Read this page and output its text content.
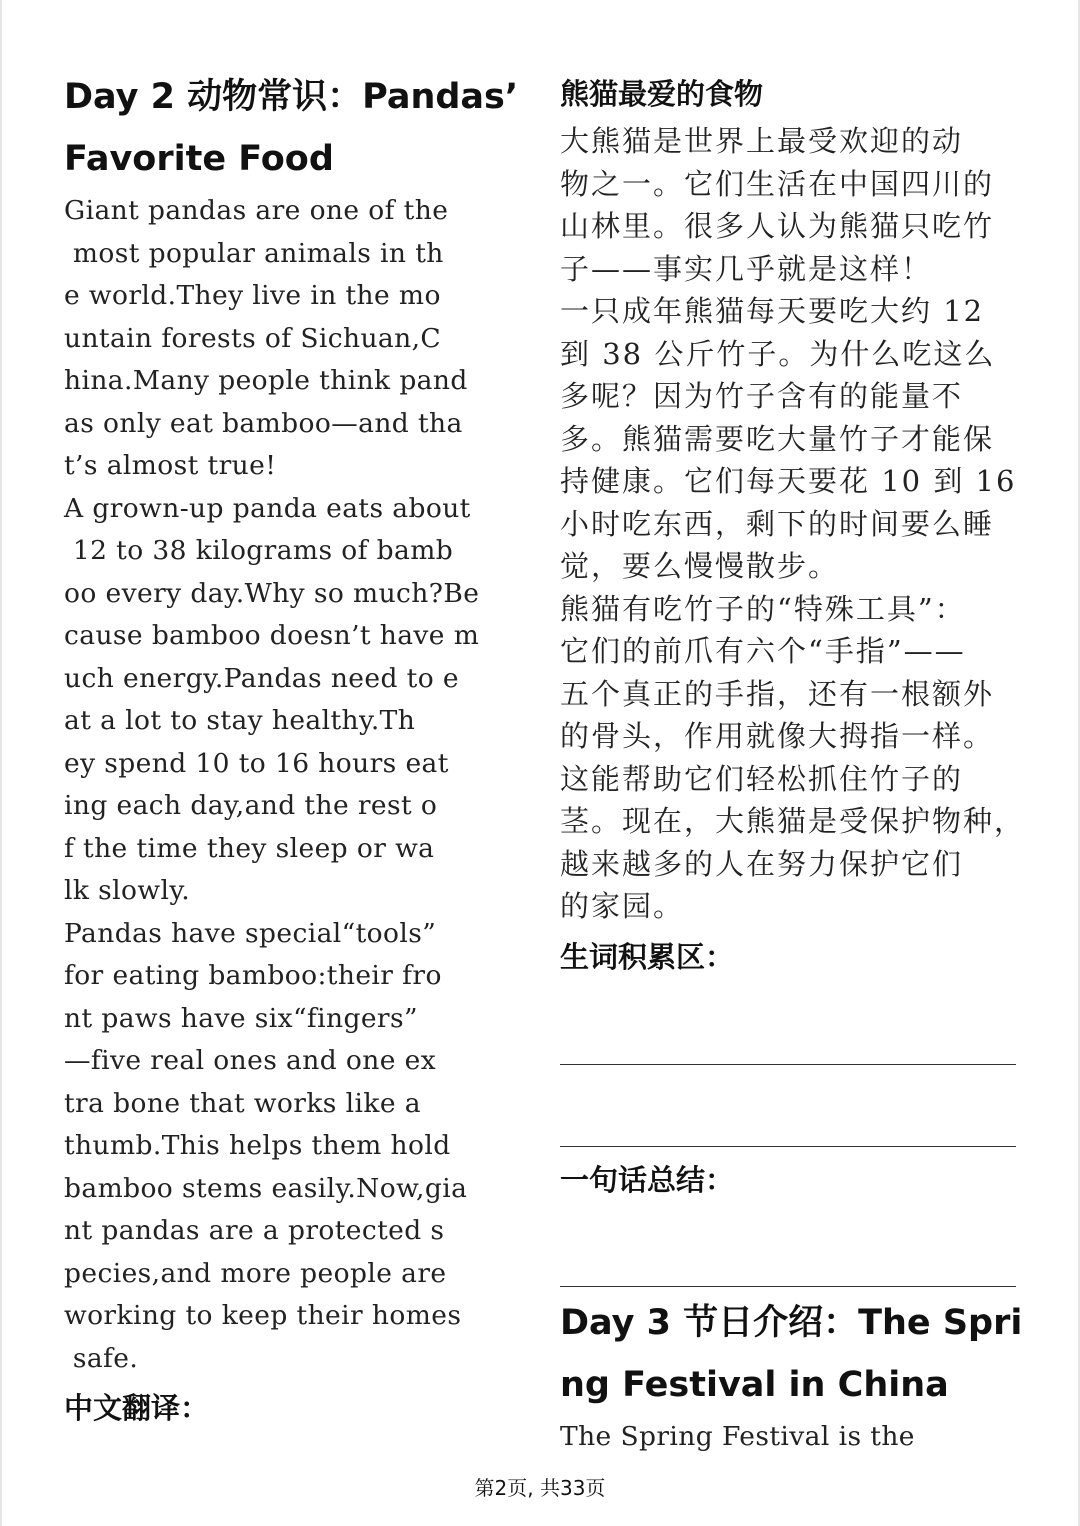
Day 2 动物常识：Pandas’
Favorite Food
Giant pandas are one of the
most popular animals in th
e world.They live in the mo
untain forests of Sichuan,C
hina.Many people think pand
as only eat bamboo—and tha
t’s almost true!
A grown-up panda eats about
12 to 38 kilograms of bamb
oo every day.Why so much?Be
cause bamboo doesn’t have m
uch energy.Pandas need to e
at a lot to stay healthy.Th
ey spend 10 to 16 hours eat
ing each day,and the rest o
f the time they sleep or wa
lk slowly.
Pandas have special“tools”
for eating bamboo:their fro
nt paws have six“fingers”
—five real ones and one ex
tra bone that works like a
thumb.This helps them hold
bamboo stems easily.Now,gia
nt pandas are a protected s
pecies,and more people are
working to keep their homes
safe.
中文翻译：
熊猫最爱的食物
大熊猫是世界上最受欢迎的动
物之一。它们生活在中国四川的
山林里。很多人认为熊猫只吃竹
子——事实几乎就是这样！
一只成年熊猫每天要吃大约 12
到 38 公斤竹子。为什么吃这么
多呢？因为竹子含有的能量不
多。熊猫需要吃大量竹子才能保
持健康。它们每天要花 10 到 16
小时吃东西，剩下的时间要么睡
觉，要么慢慢散步。
熊猫有吃竹子的“特殊工具”：
它们的前爪有六个“手指”——
五个真正的手指，还有一根额外
的骨头，作用就像大拇指一样。
这能帮助它们轻松抓住竹子的
茎。现在，大熊猫是受保护物种，
越来越多的人在努力保护它们
的家园。
生词积累区：
一句话总结：
Day 3 节日介绍：The Spri
ng Festival in China
The Spring Festival is the
第2页, 共33页
